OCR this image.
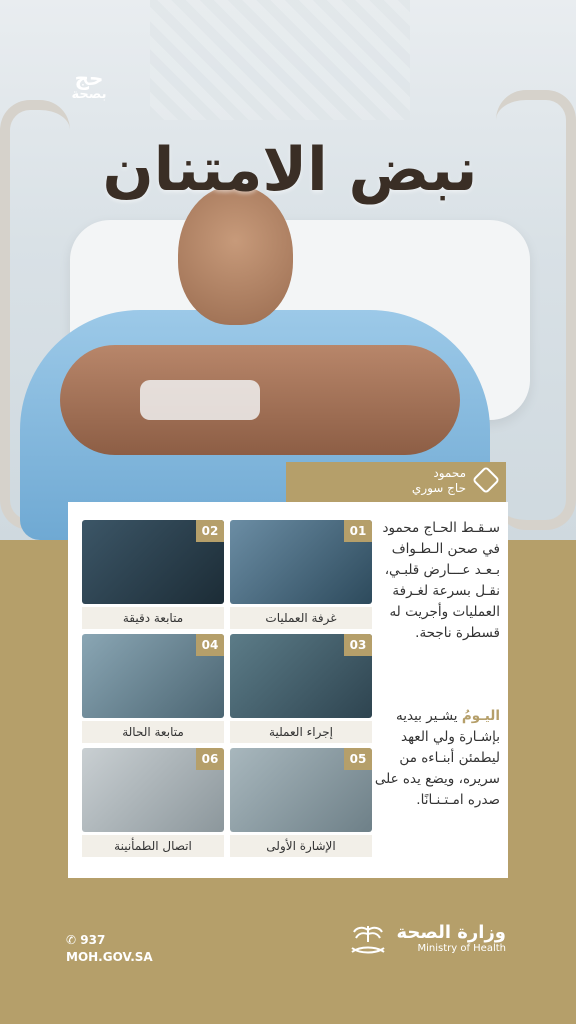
حج
بصحة
نبض الامتنان
محمود
حاج سوري
01
غرفة العمليات
02
متابعة دقيقة
03
إجراء العملية
04
متابعة الحالة
05
الإشارة الأولى
06
اتصال الطمأنينة
سـقـط الحـاج محمود في صحن الـطـواف بـعـد عـــارض قلبـي، نقـل بسرعة لغـرفة العمليات وأجريت له قسطرة ناجحة.
اليـومُ يشـير بيديه بإشـارة ولي العهد ليطمئن أبنـاءه من سريره، ويضع يده على صدره امـتـنـانًا.
✆ 937
MOH.GOV.SA
وزارة الصحة
Ministry of Health
